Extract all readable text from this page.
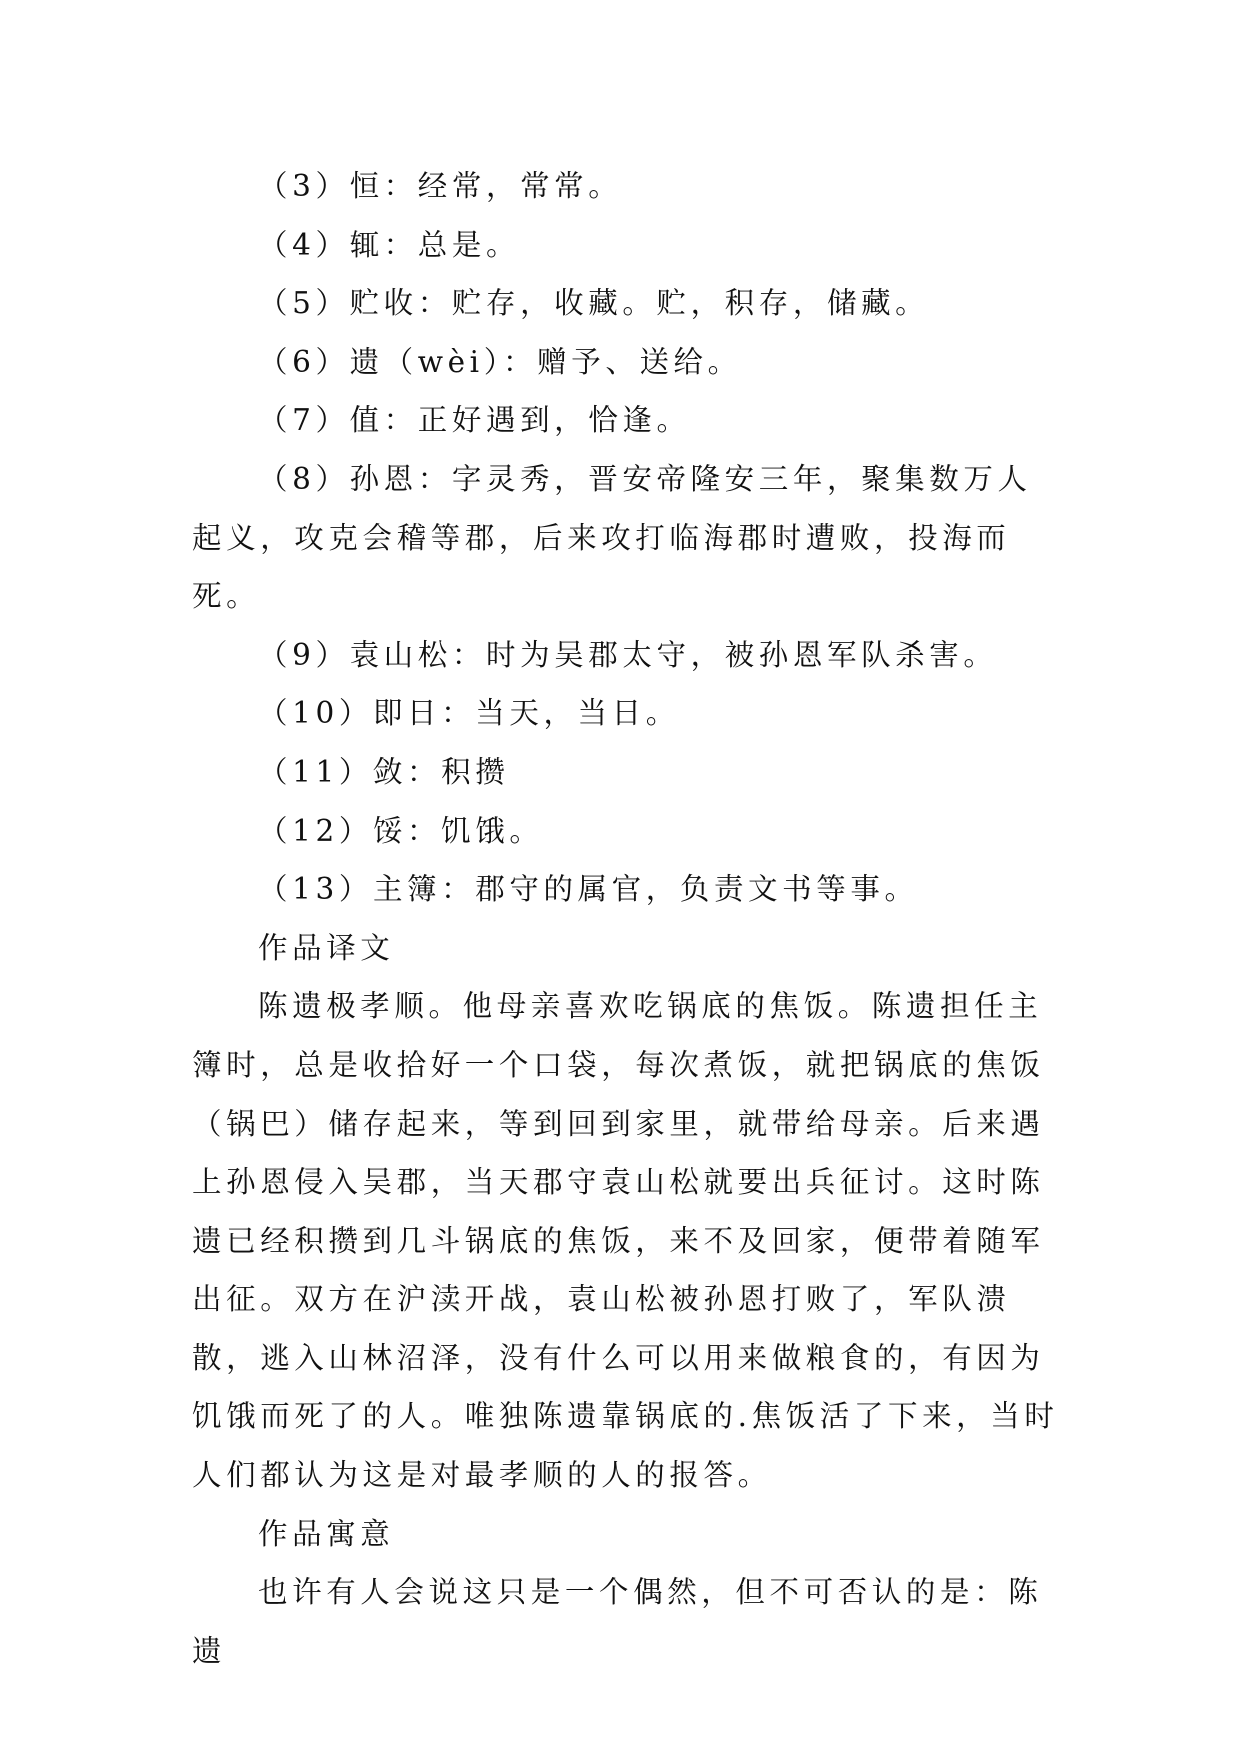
（3）恒：经常，常常。

（4）辄：总是。

（5）贮收：贮存，收藏。贮，积存，储藏。

（6）遗（wèi）：赠予、送给。

（7）值：正好遇到，恰逢。

（8）孙恩：字灵秀，晋安帝隆安三年，聚集数万人起义，攻克会稽等郡，后来攻打临海郡时遭败，投海而死。

（9）袁山松：时为吴郡太守，被孙恩军队杀害。

（10）即日：当天，当日。

（11）敛：积攒

（12）馁：饥饿。

（13）主簿：郡守的属官，负责文书等事。

作品译文

陈遗极孝顺。他母亲喜欢吃锅底的焦饭。陈遗担任主簿时，总是收拾好一个口袋，每次煮饭，就把锅底的焦饭（锅巴）储存起来，等到回到家里，就带给母亲。后来遇上孙恩侵入吴郡，当天郡守袁山松就要出兵征讨。这时陈遗已经积攒到几斗锅底的焦饭，来不及回家，便带着随军出征。双方在沪渎开战，袁山松被孙恩打败了，军队溃散，逃入山林沼泽，没有什么可以用来做粮食的，有因为饥饿而死了的人。唯独陈遗靠锅底的.焦饭活了下来，当时人们都认为这是对最孝顺的人的报答。

作品寓意

也许有人会说这只是一个偶然，但不可否认的是：陈遗
